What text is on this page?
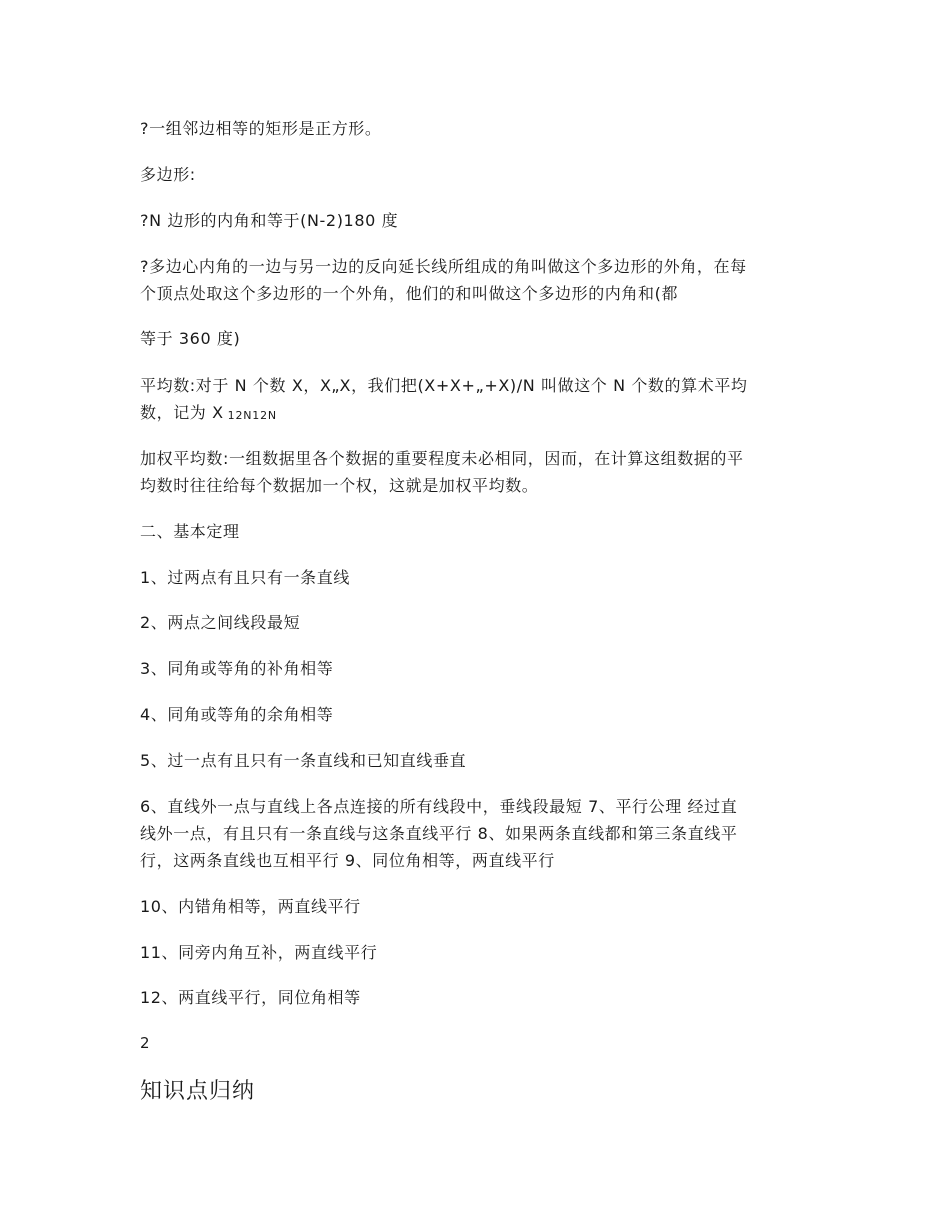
?一组邻边相等的矩形是正方形。
多边形:
?N 边形的内角和等于(N-2)180 度
?多边心内角的一边与另一边的反向延长线所组成的角叫做这个多边形的外角，在每
个顶点处取这个多边形的一个外角，他们的和叫做这个多边形的内角和(都
等于 360 度)
平均数:对于 N 个数 X，X„X，我们把(X+X+„+X)/N 叫做这个 N 个数的算术平均
数，记为 X 12N12N
加权平均数:一组数据里各个数据的重要程度未必相同，因而，在计算这组数据的平
均数时往往给每个数据加一个权，这就是加权平均数。
二、基本定理
1、过两点有且只有一条直线
2、两点之间线段最短
3、同角或等角的补角相等
4、同角或等角的余角相等
5、过一点有且只有一条直线和已知直线垂直
6、直线外一点与直线上各点连接的所有线段中，垂线段最短 7、平行公理 经过直
线外一点，有且只有一条直线与这条直线平行 8、如果两条直线都和第三条直线平
行，这两条直线也互相平行 9、同位角相等，两直线平行
10、内错角相等，两直线平行
11、同旁内角互补，两直线平行
12、两直线平行，同位角相等
2
知识点归纳
